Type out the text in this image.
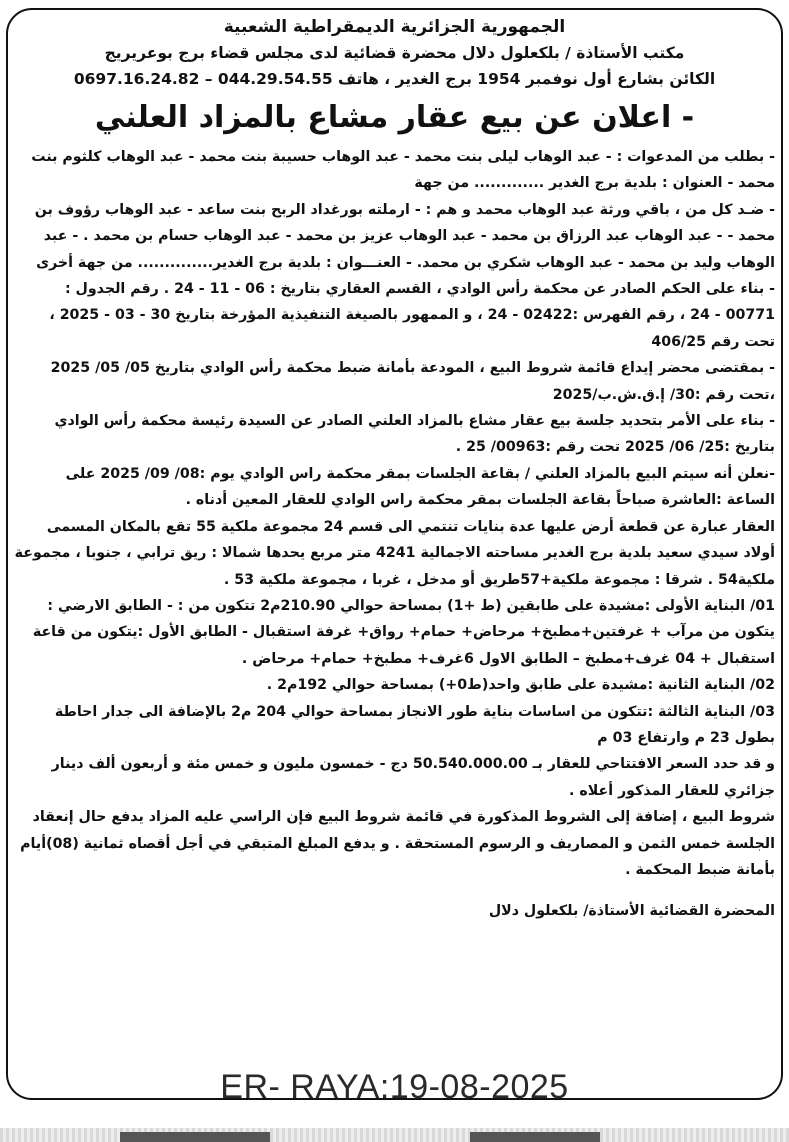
الجمهورية الجزائرية الديمقراطية الشعبية

مكتب الأستاذة / بلكعلول دلال محضرة قضائية لدى مجلس قضاء برج بوعريريج

الكائن بشارع أول نوفمبر 1954 برج الغدير ، هاتف 044.29.54.55 – 0697.16.24.82

- اعلان عن بيع عقار مشاع بالمزاد العلني

- بطلب من المدعوات : - عبد الوهاب ليلى بنت محمد - عبد الوهاب حسيبة بنت محمد - عبد الوهاب كلثوم بنت محمد - العنوان : بلدية برج الغدير ............. من جهة

- ضـد كل من ، باقي ورثة عبد الوهاب محمد و هم : - ارملته بورغداد الربح بنت ساعد - عبد الوهاب رؤوف بن محمد - - عبد الوهاب عبد الرزاق بن محمد - عبد الوهاب عزيز بن محمد - عبد الوهاب حسام بن محمد . - عبد الوهاب وليد بن محمد - عبد الوهاب شكري بن محمد. - العنـــوان : بلدية برج الغدير.............. من جهة أخرى

- بناء على الحكم الصادر عن محكمة رأس الوادي ، القسم العقاري بتاريخ : 06 - 11 - 24 . رقم الجدول : 00771 - 24 ، رقم الفهرس :02422 - 24 ، و الممهور بالصيغة التنفيذية المؤرخة بتاريخ 30 - 03 - 2025 ، تحت رقم 406/25

- بمقتضى محضر إيداع قائمة شروط البيع ، المودعة بأمانة ضبط محكمة رأس الوادي بتاريخ 05/ 05/ 2025 ،تحت رقم :30/ إ.ق.ش.ب/2025

- بناء على الأمر بتحديد جلسة بيع عقار مشاع بالمزاد العلني الصادر عن السيدة رئيسة محكمة رأس الوادي بتاريخ :25/ 06/ 2025 تحت رقم :00963/ 25 .

-نعلن أنه سيتم البيع بالمزاد العلني / بقاعة الجلسات بمقر محكمة راس الوادي يوم :08/ 09/ 2025 على الساعة :العاشرة صباحاً بقاعة الجلسات بمقر محكمة راس الوادي للعقار المعين أدناه .

العقار عبارة عن قطعة أرض عليها عدة بنايات تنتمي الى قسم 24 مجموعة ملكية 55 تقع بالمكان المسمى أولاد سيدي سعيد بلدية برج الغدير مساحته الاجمالية 4241 متر مربع يحدها شمالا : ريق ترابي ، جنوبا ، مجموعة ملكية54 . شرقا : مجموعة ملكية+57طريق أو مدخل ، غربا ، مجموعة ملكية 53 .

01/ البناية الأولى :مشيدة على طابقين (ط +1) بمساحة حوالي 210.90م2 تتكون من : - الطابق الارضي : يتكون من مرآب + غرفتين+مطبخ+ مرحاض+ حمام+ رواق+ غرفة استقبال - الطابق الأول :يتكون من قاعة استقبال + 04 غرف+مطبخ – الطابق الاول 6غرف+ مطبخ+ حمام+ مرحاض .

02/ البناية الثانية :مشيدة على طابق واحد(ط0+) بمساحة حوالي 192م2 .

03/ البناية الثالثة :تتكون من اساسات بناية طور الانجاز بمساحة حوالي 204 م2 بالإضافة الى جدار احاطة بطول 23 م وارتفاع 03 م

و قد حدد السعر الافتتاحي للعقار بـ 50.540.000.00 دج - خمسون مليون و خمس مئة و أربعون ألف دينار جزائري للعقار المذكور أعلاه .

شروط البيع ، إضافة إلى الشروط المذكورة في قائمة شروط البيع فإن الراسي عليه المزاد يدفع حال إنعقاد الجلسة خمس الثمن و المصاريف و الرسوم المستحقة . و يدفع المبلغ المتبقي في أجل أقصاه ثمانية (08)أيام بأمانة ضبط المحكمة .

المحضرة القضائية الأستاذة/ بلكعلول دلال

ER- RAYA:19-08-2025
